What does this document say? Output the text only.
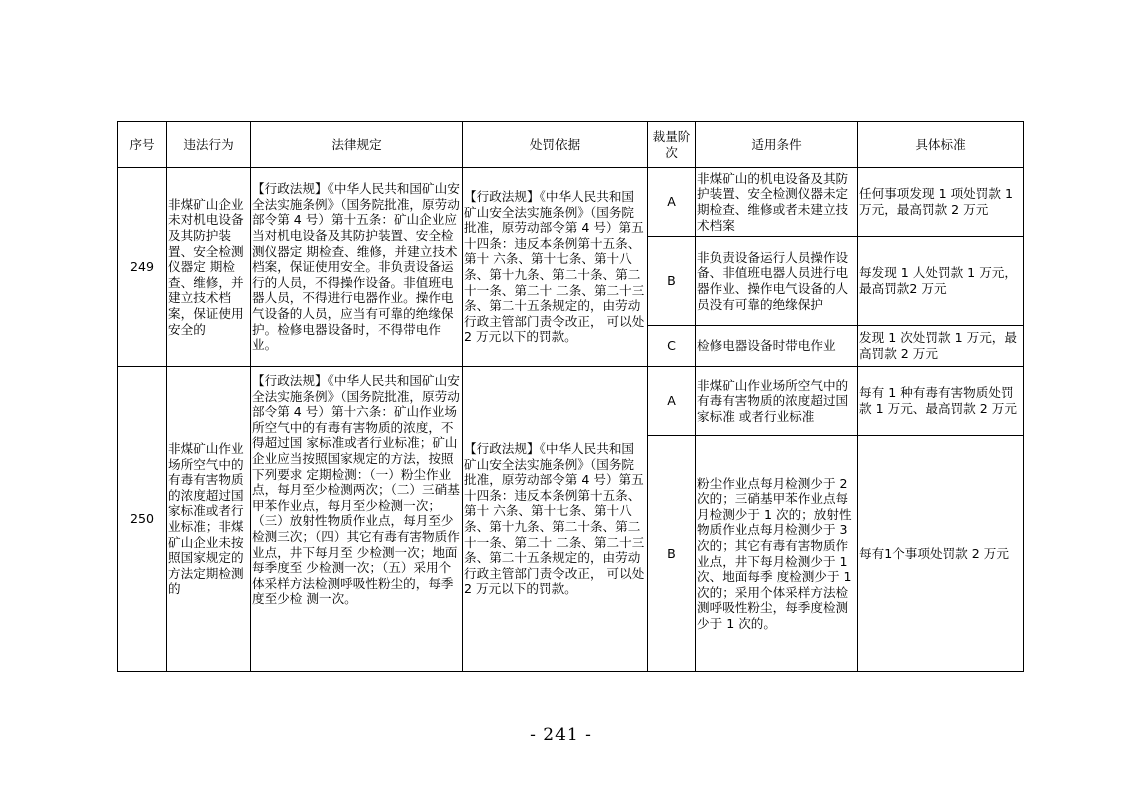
序号	违法行为	法律规定	处罚依据	裁量阶次	适用条件	具体标准
249	非煤矿山企业未对机电设备及其防护装置、安全检测仪器定 期检查、维修，并建立技术档案，保证使用安全的	【行政法规】《中华人民共和国矿山安全法实施条例》（国务院批准，原劳动部令第 4 号）第十五条：矿山企业应当对机电设备及其防护装置、安全检测仪器定 期检查、维修，并建立技术档案，保证使用安全。非负责设备运行的人员，不得操作设备。非值班电器人员，不得进行电器作业。操作电气设备的人员，应当有可靠的绝缘保护。检修电器设备时，不得带电作业。	【行政法规】《中华人民共和国矿山安全法实施条例》（国务院批准，原劳动部令第 4 号）第五十四条：违反本条例第十五条、第十 六条、第十七条、第十八条、第十九条、第二十条、第二十一条、第二十 二条、第二十三条、第二十五条规定的，由劳动行政主管部门责令改正， 可以处 2 万元以下的罚款。	A	非煤矿山的机电设备及其防护装置、安全检测仪器未定期检查、维修或者未建立技术档案	任何事项发现 1 项处罚款 1 万元，最高罚款 2 万元
				B	非负责设备运行人员操作设备、非值班电器人员进行电器作业、操作电气设备的人员没有可靠的绝缘保护	每发现 1 人处罚款 1 万元，最高罚款2 万元
				C	检修电器设备时带电作业	发现 1 次处罚款 1 万元，最高罚款 2 万元
250	非煤矿山作业场所空气中的有毒有害物质的浓度超过国家标准或者行业标准；非煤矿山企业未按照国家规定的方法定期检测的	【行政法规】《中华人民共和国矿山安全法实施条例》（国务院批准，原劳动部令第 4 号）第十六条：矿山作业场所空气中的有毒有害物质的浓度，不得超过国 家标准或者行业标准；矿山企业应当按照国家规定的方法，按照下列要求 定期检测：（一）粉尘作业点，每月至少检测两次；（二）三硝基甲苯作业点，每月至少检测一次；（三）放射性物质作业点，每月至少检测三次；（四）其它有毒有害物质作业点，井下每月至 少检测一次；地面每季度至 少检测一次；（五）采用个体采样方法检测呼吸性粉尘的，每季度至少检 测一次。	【行政法规】《中华人民共和国矿山安全法实施条例》（国务院批准，原劳动部令第 4 号）第五十四条：违反本条例第十五条、第十 六条、第十七条、第十八条、第十九条、第二十条、第二十一条、第二十 二条、第二十三条、第二十五条规定的，由劳动行政主管部门责令改正， 可以处 2 万元以下的罚款。	A	非煤矿山作业场所空气中的有毒有害物质的浓度超过国家标准 或者行业标准	每有 1 种有毒有害物质处罚款 1 万元、最高罚款 2 万元
				B	粉尘作业点每月检测少于 2 次的；三硝基甲苯作业点每月检测少于 1 次的；放射性物质作业点每月检测少于 3 次的；其它有毒有害物质作业点，井下每月检测少于 1 次、地面每季 度检测少于 1 次的；采用个体采样方法检测呼吸性粉尘，每季度检测少于 1 次的。	每有1个事项处罚款 2 万元
- 241 -
